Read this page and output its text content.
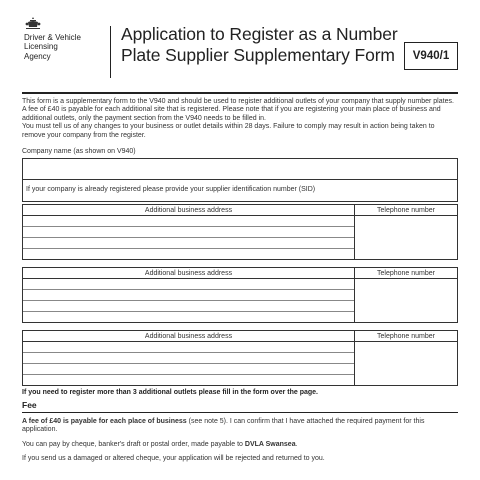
Driver & Vehicle
Licensing
Agency
Application to Register as a Number
Plate Supplier Supplementary Form	V940/1

This form is a supplementary form to the V940 and should be used to register additional outlets of your company that supply number plates. A fee of £40 is payable for each additional site that is registered. Please note that if you are registering your main place of business and additional outlets, only the payment section from the V940 needs to be filled in.

You must tell us of any changes to your business or outlet details within 28 days. Failure to comply may result in action being taken to remove your company from the register.

Company name (as shown on V940)
If your company is already registered please provide your supplier identification number (SID)
Additional business address	Telephone number
Additional business address	Telephone number
Additional business address	Telephone number
If you need to register more than 3 additional outlets please fill in the form over the page.
Fee

A fee of £40 is payable for each place of business (see note 5). I can confirm that I have attached the required payment for this application.

You can pay by cheque, banker's draft or postal order, made payable to DVLA Swansea.

If you send us a damaged or altered cheque, your application will be rejected and returned to you.
